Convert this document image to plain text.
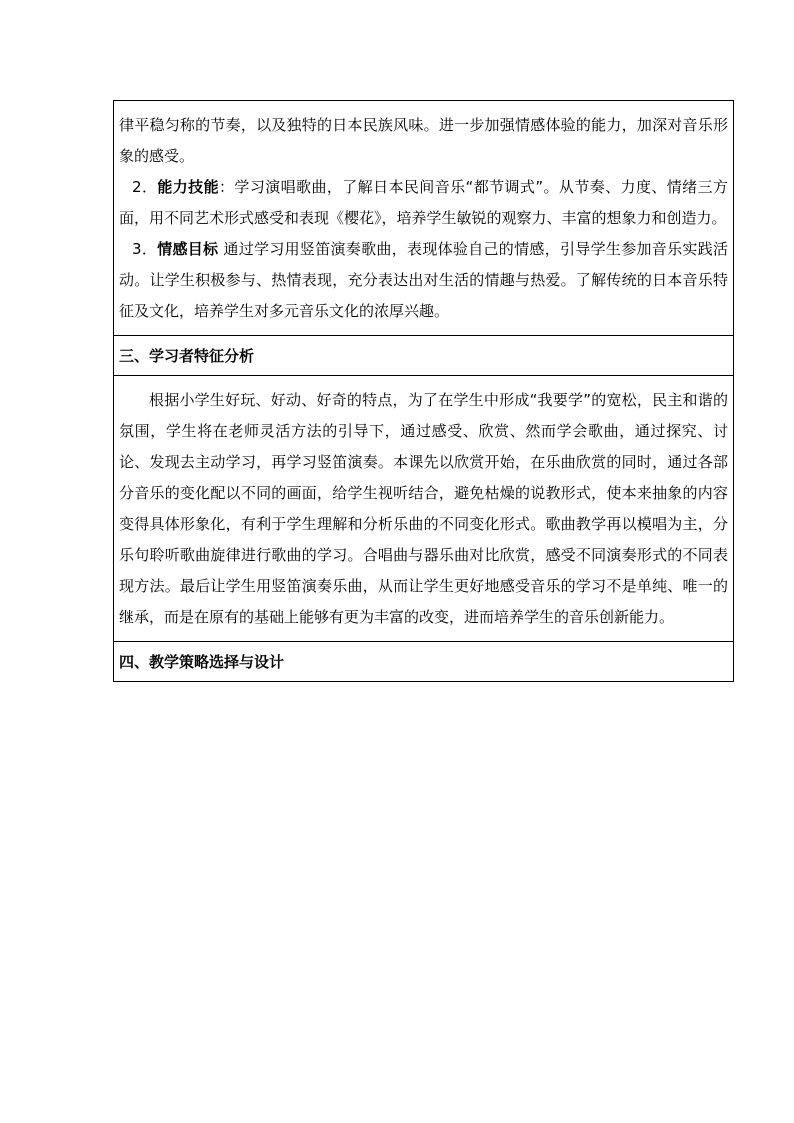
律平稳匀称的节奏，以及独特的日本民族风味。进一步加强情感体验的能力，加深对音乐形象的感受。

2．能力技能：学习演唱歌曲，了解日本民间音乐“都节调式”。从节奏、力度、情绪三方面，用不同艺术形式感受和表现《樱花》，培养学生敏锐的观察力、丰富的想象力和创造力。

3．情感目标 通过学习用竖笛演奏歌曲，表现体验自己的情感，引导学生参加音乐实践活动。让学生积极参与、热情表现，充分表达出对生活的情趣与热爱。了解传统的日本音乐特征及文化，培养学生对多元音乐文化的浓厚兴趣。

三、学习者特征分析

根据小学生好玩、好动、好奇的特点，为了在学生中形成“我要学”的宽松，民主和谐的氛围，学生将在老师灵活方法的引导下，通过感受、欣赏、然而学会歌曲，通过探究、讨论、发现去主动学习，再学习竖笛演奏。本课先以欣赏开始，在乐曲欣赏的同时，通过各部分音乐的变化配以不同的画面，给学生视听结合，避免枯燥的说教形式，使本来抽象的内容变得具体形象化，有利于学生理解和分析乐曲的不同变化形式。歌曲教学再以模唱为主，分乐句聆听歌曲旋律进行歌曲的学习。合唱曲与器乐曲对比欣赏，感受不同演奏形式的不同表现方法。最后让学生用竖笛演奏乐曲，从而让学生更好地感受音乐的学习不是单纯、唯一的继承，而是在原有的基础上能够有更为丰富的改变，进而培养学生的音乐创新能力。

四、教学策略选择与设计
